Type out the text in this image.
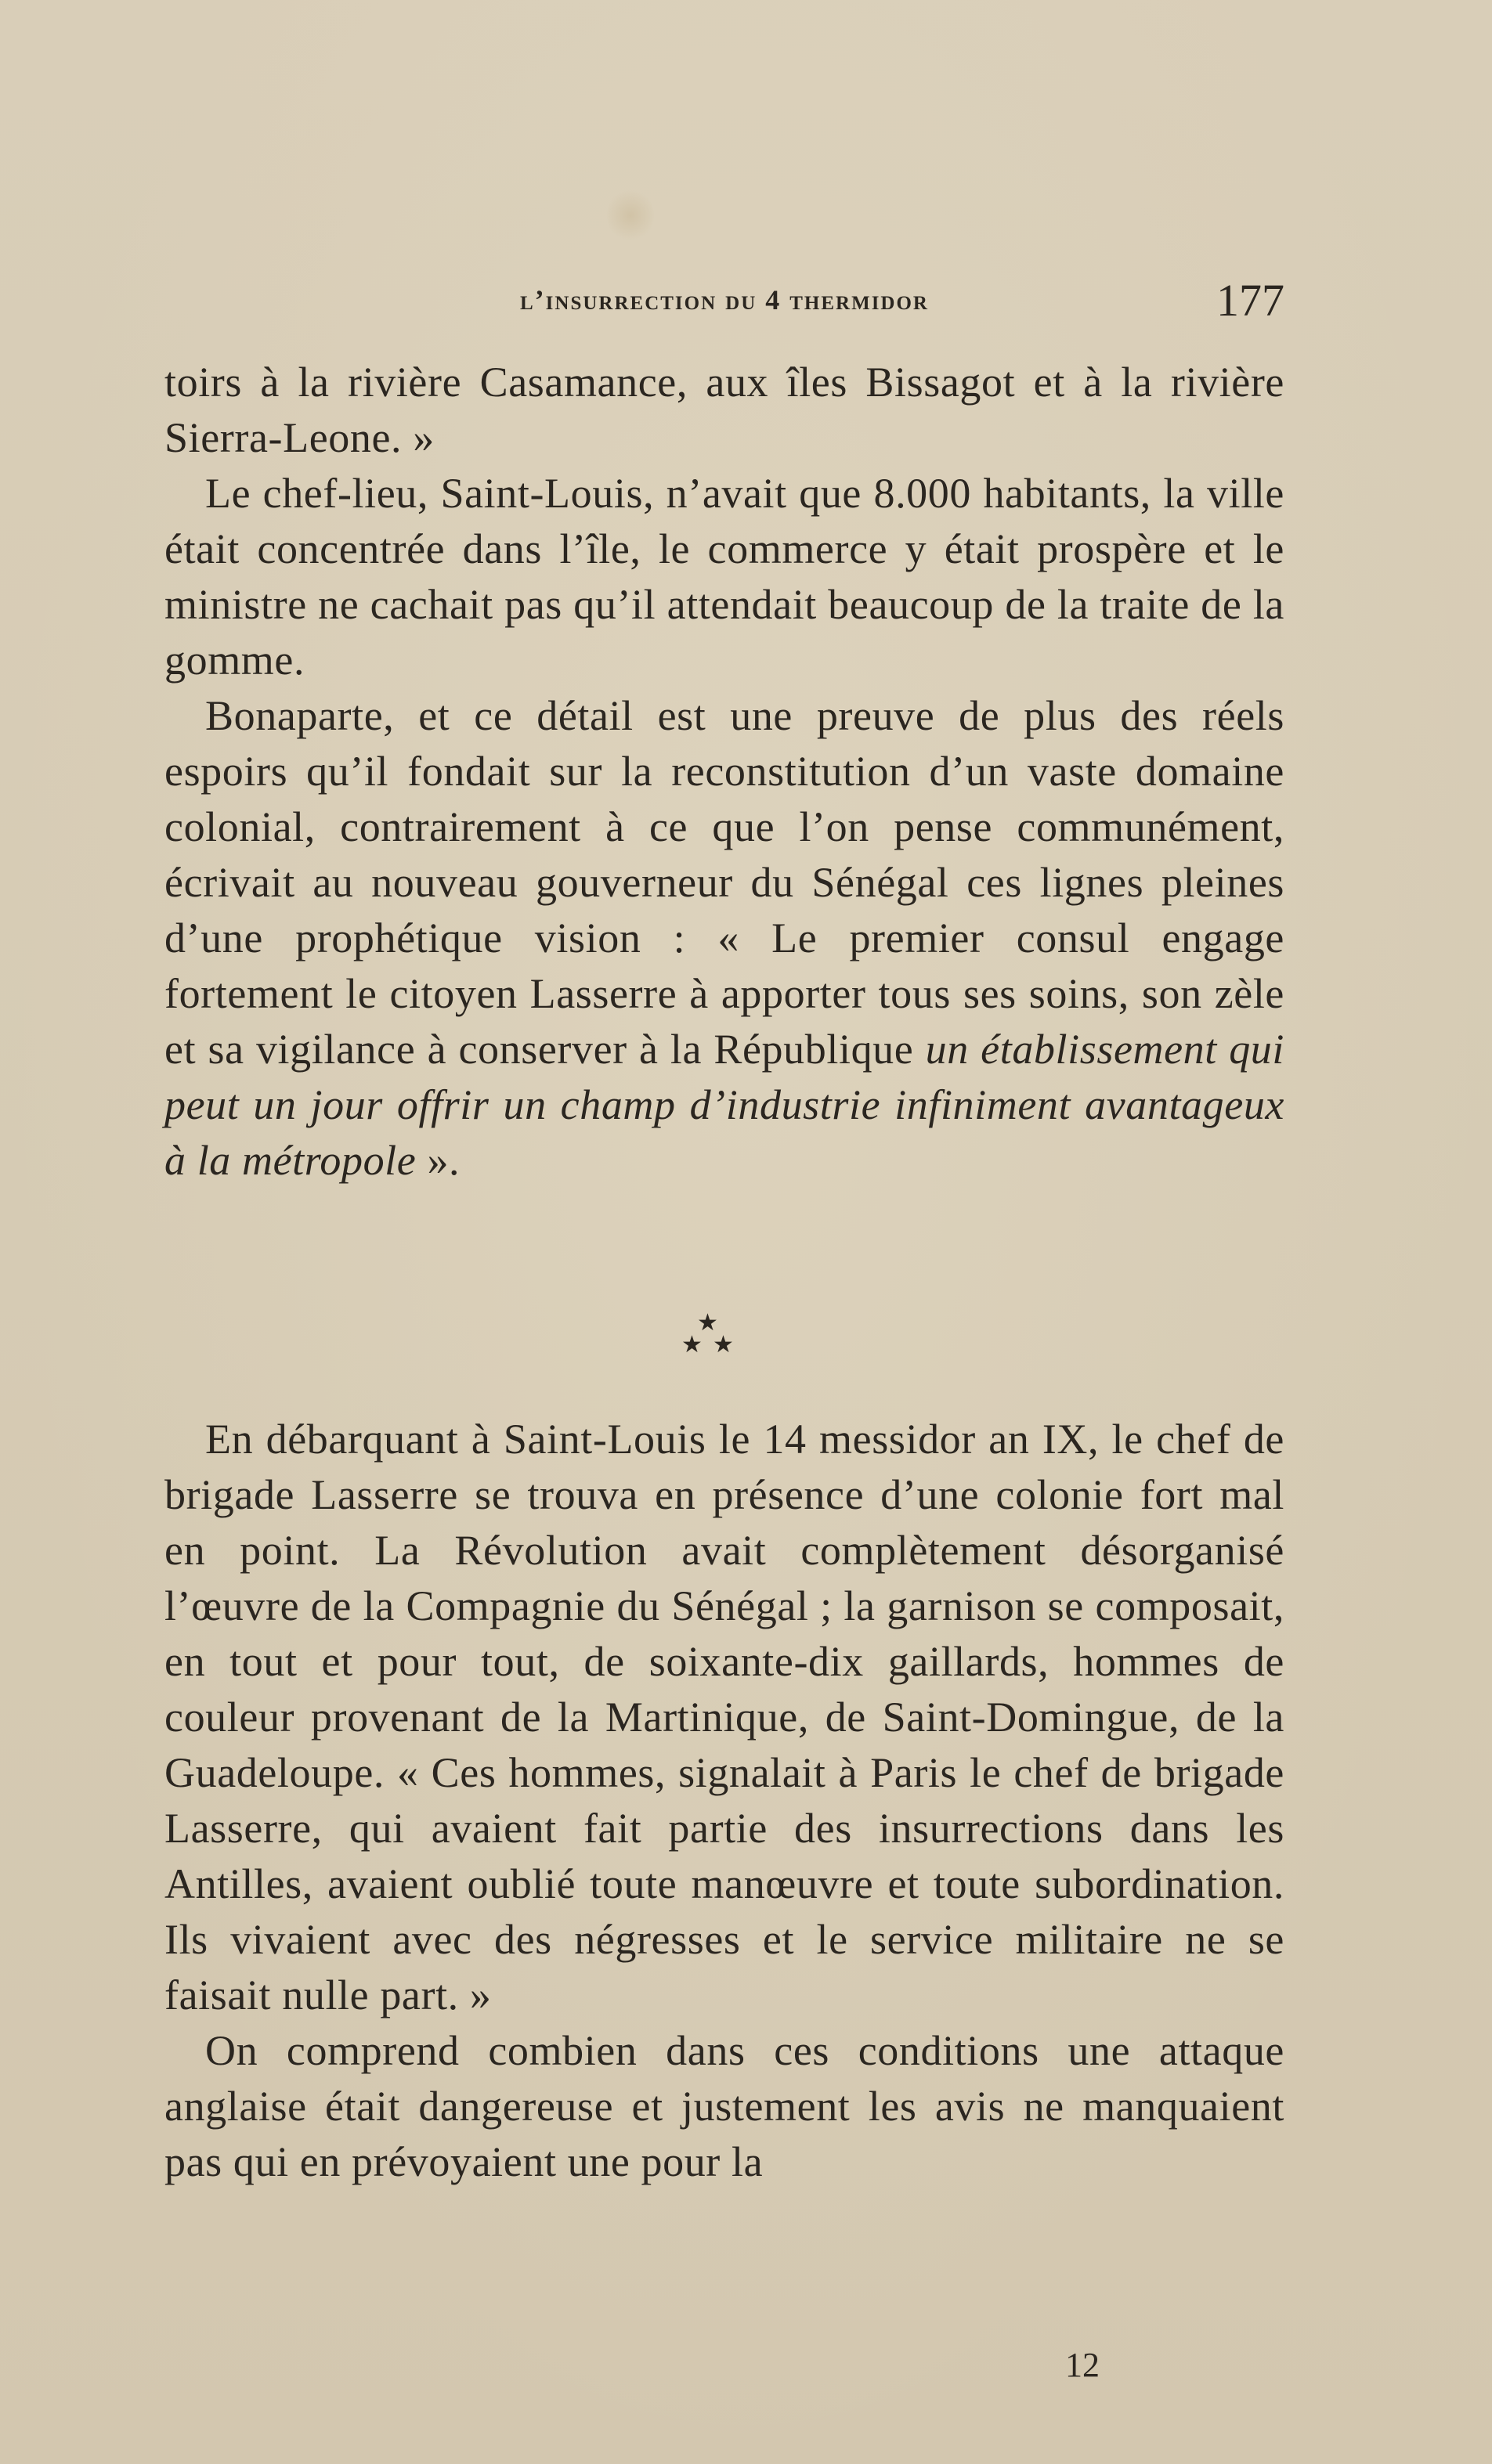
l’insurrection du 4 thermidor	177

toirs à la rivière Casamance, aux îles Bissagot et à la rivière Sierra-Leone. »

Le chef-lieu, Saint-Louis, n’avait que 8.000 habitants, la ville était concentrée dans l’île, le commerce y était prospère et le ministre ne cachait pas qu’il attendait beaucoup de la traite de la gomme.

Bonaparte, et ce détail est une preuve de plus des réels espoirs qu’il fondait sur la reconstitution d’un vaste domaine colonial, contrairement à ce que l’on pense communément, écrivait au nouveau gouverneur du Sénégal ces lignes pleines d’une prophétique vision : « Le premier consul engage fortement le citoyen Lasserre à apporter tous ses soins, son zèle et sa vigilance à conserver à la République un établissement qui peut un jour offrir un champ d’industrie infiniment avantageux à la métropole ».

★
★ ★

En débarquant à Saint-Louis le 14 messidor an IX, le chef de brigade Lasserre se trouva en présence d’une colonie fort mal en point. La Révolution avait complètement désorganisé l’œuvre de la Compagnie du Sénégal ; la garnison se composait, en tout et pour tout, de soixante-dix gaillards, hommes de couleur provenant de la Martinique, de Saint-Domingue, de la Guadeloupe. « Ces hommes, signalait à Paris le chef de brigade Lasserre, qui avaient fait partie des insurrections dans les Antilles, avaient oublié toute manœuvre et toute subordination. Ils vivaient avec des négresses et le service militaire ne se faisait nulle part. »

On comprend combien dans ces conditions une attaque anglaise était dangereuse et justement les avis ne manquaient pas qui en prévoyaient une pour la

12
